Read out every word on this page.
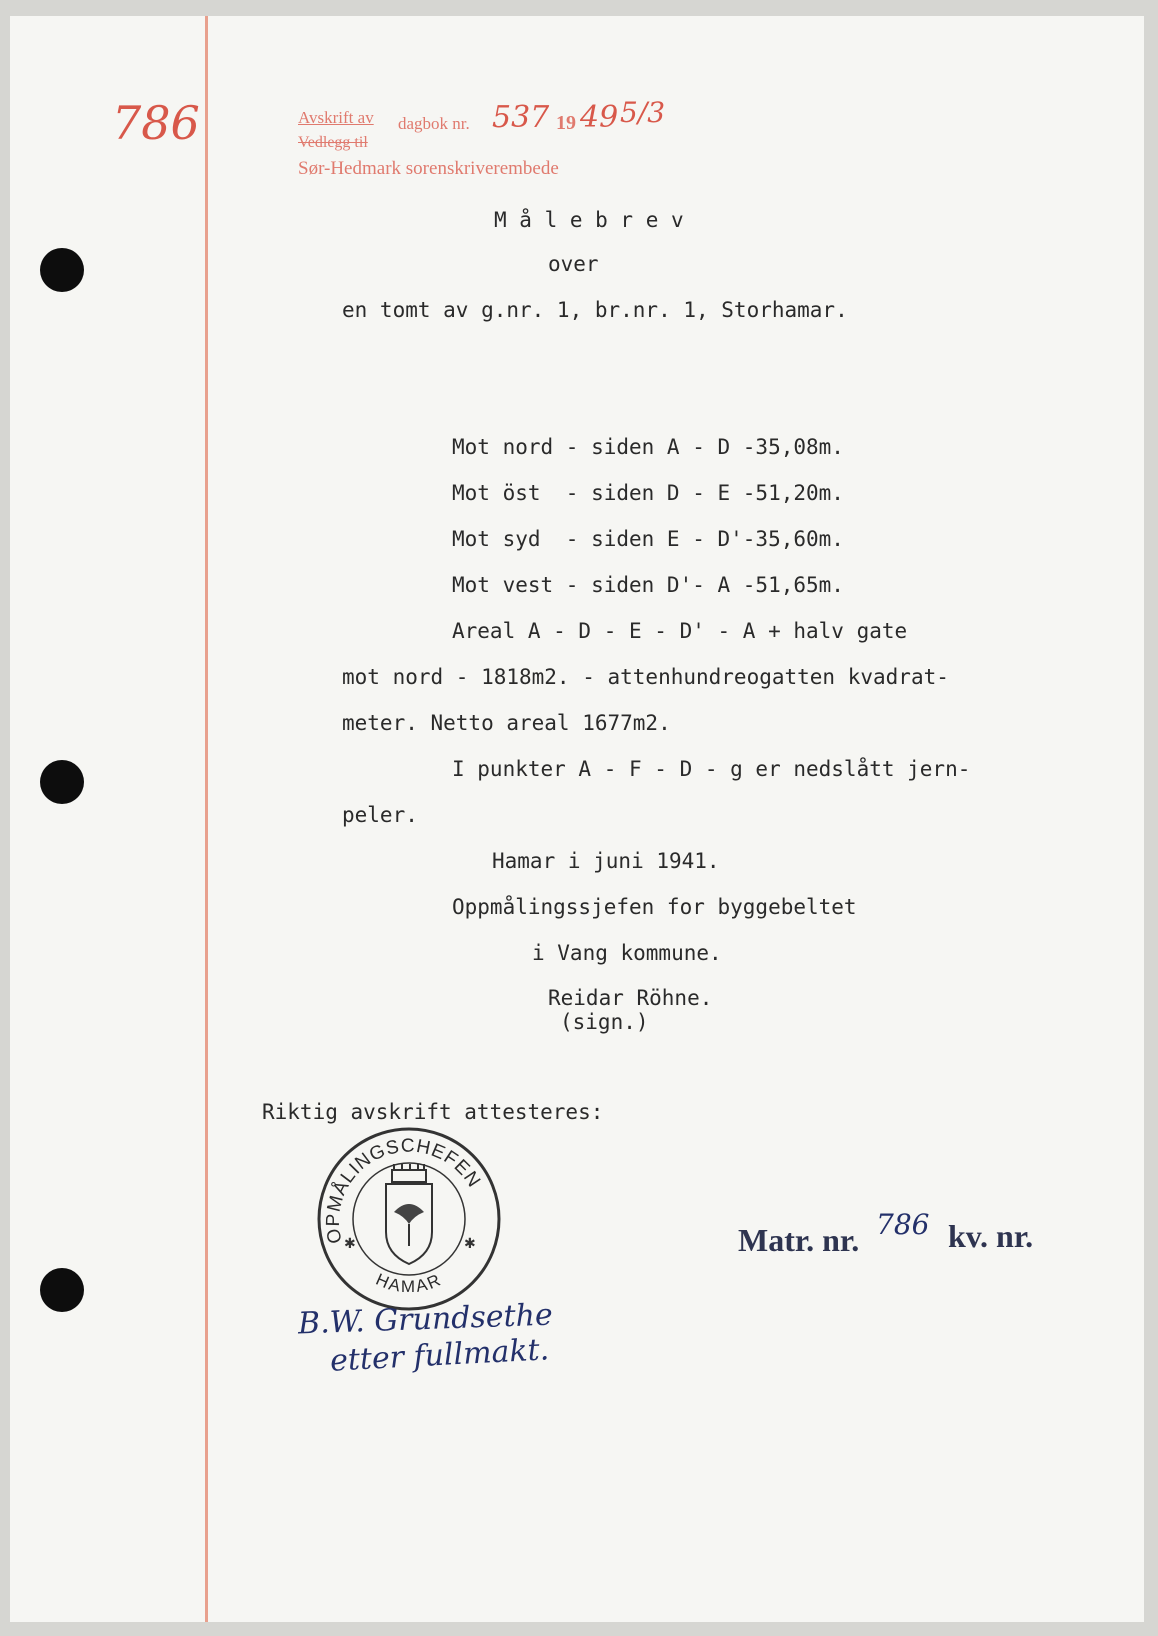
786	Avskrift av dagbok nr. 537 19 49 5/3
Vedlegg til
Sør-Hedmark sorenskriverembede
M å l e b r e v
over
en tomt av g.nr. 1, br.nr. 1, Storhamar.
Mot nord - siden A - D -35,08m.
Mot öst  - siden D - E -51,20m.
Mot syd  - siden E - D'-35,60m.
Mot vest - siden D'- A -51,65m.
Areal A - D - E - D' - A + halv gate
mot nord - 1818m2. - attenhundreogatten kvadrat-
meter. Netto areal 1677m2.
I punkter A - F - D - g er nedslått jern-
peler.
Hamar i juni 1941.
Oppmålingssjefen for byggebeltet
i Vang kommune.
Reidar Röhne.
(sign.)
Riktig avskrift attesteres:
OPMÅLINGSCHEFEN
HAMAR
✱	✱	Matr. nr. 786 kv. nr.
B.W. Grundsethe
etter fullmakt.
